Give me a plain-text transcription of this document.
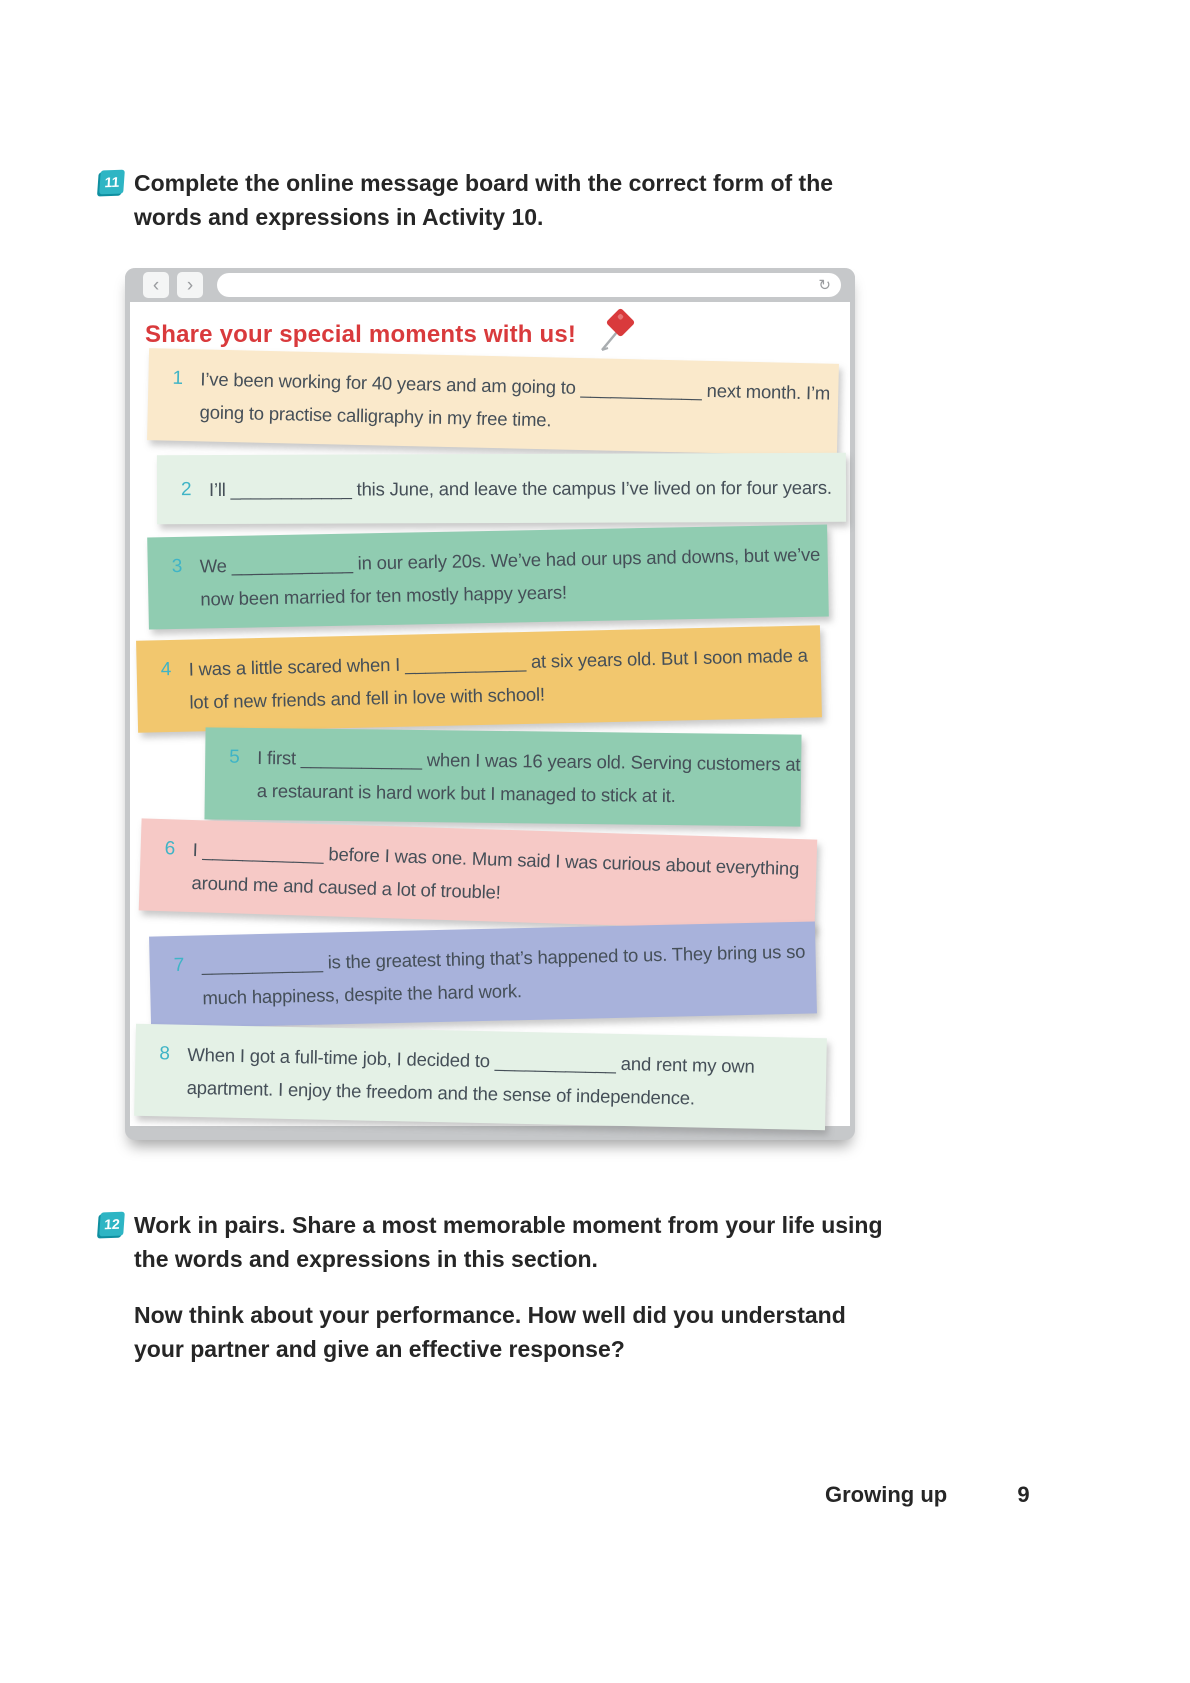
11 Complete the online message board with the correct form of the
words and expressions in Activity 10.
‹ ›	↻
Share your special moments with us!
1 I’ve been working for 40 years and am going to ____________ next month. I’m
going to practise calligraphy in my free time.
2 I’ll ____________ this June, and leave the campus I’ve lived on for four years.
3 We ____________ in our early 20s. We’ve had our ups and downs, but we’ve
now been married for ten mostly happy years!
4 I was a little scared when I ____________ at six years old. But I soon made a
lot of new friends and fell in love with school!
5 I first ____________ when I was 16 years old. Serving customers at
a restaurant is hard work but I managed to stick at it.
6 I ____________ before I was one. Mum said I was curious about everything
around me and caused a lot of trouble!
7 ____________ is the greatest thing that’s happened to us. They bring us so
much happiness, despite the hard work.
8 When I got a full-time job, I decided to ____________ and rent my own
apartment. I enjoy the freedom and the sense of independence.
12 Work in pairs. Share a most memorable moment from your life using
the words and expressions in this section.
Now think about your performance. How well did you understand
your partner and give an effective response?
Growing up	9
